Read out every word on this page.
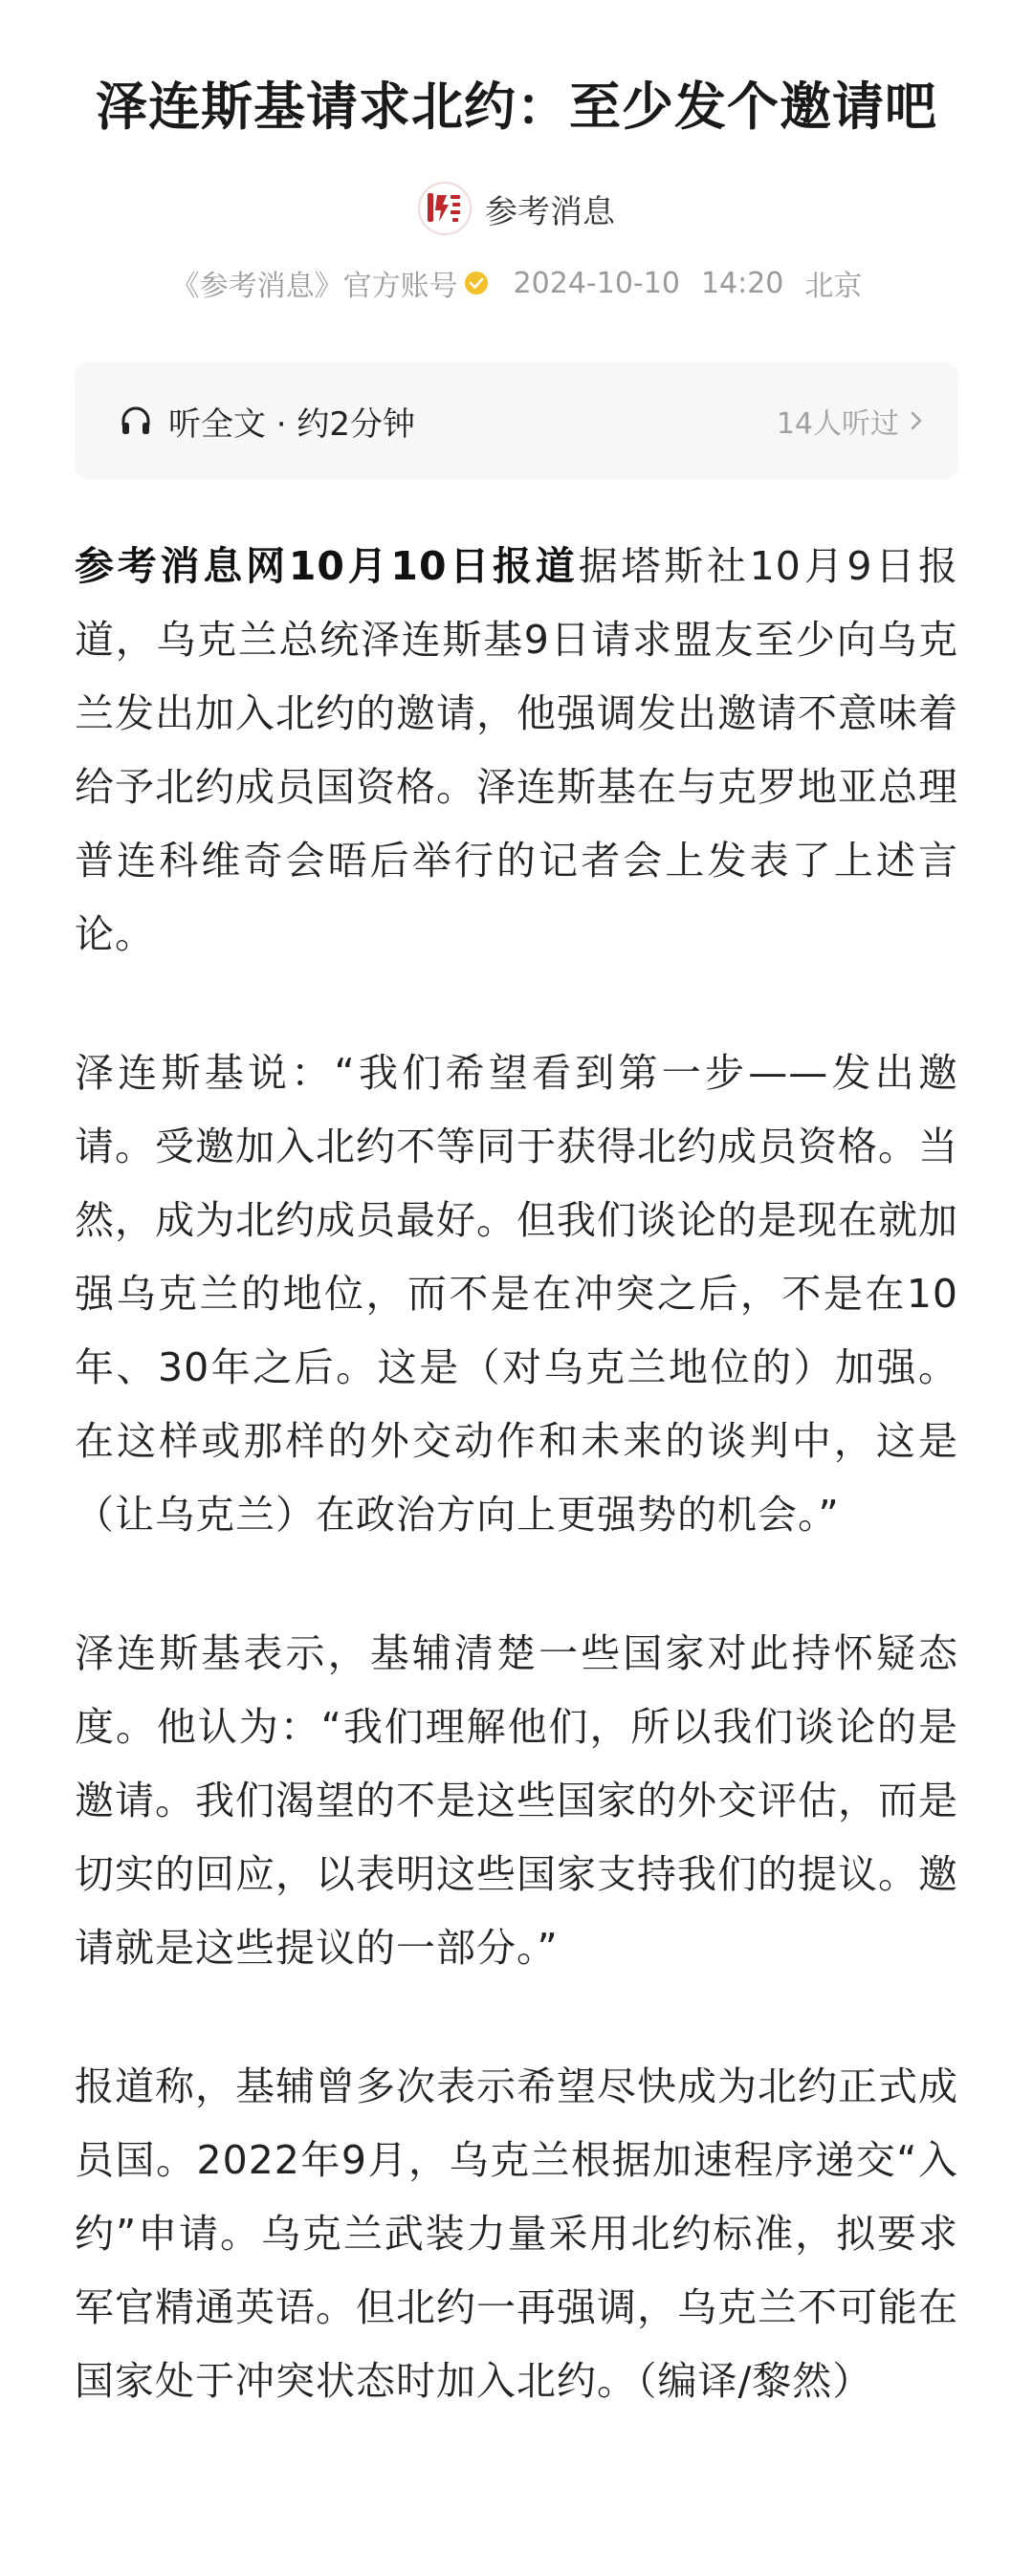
泽连斯基请求北约：至少发个邀请吧
参考消息
《参考消息》官方账号 2024-10-10 14:20 北京
听全文 · 约2分钟	14人听过

参考消息网10月10日报道据塔斯社10月9日报道，乌克兰总统泽连斯基9日请求盟友至少向乌克兰发出加入北约的邀请，他强调发出邀请不意味着给予北约成员国资格。泽连斯基在与克罗地亚总理普连科维奇会晤后举行的记者会上发表了上述言论。

泽连斯基说：“我们希望看到第一步——发出邀请。受邀加入北约不等同于获得北约成员资格。当然，成为北约成员最好。但我们谈论的是现在就加强乌克兰的地位，而不是在冲突之后，不是在10年、30年之后。这是（对乌克兰地位的）加强。在这样或那样的外交动作和未来的谈判中，这是（让乌克兰）在政治方向上更强势的机会。”

泽连斯基表示，基辅清楚一些国家对此持怀疑态度。他认为：“我们理解他们，所以我们谈论的是邀请。我们渴望的不是这些国家的外交评估，而是切实的回应，以表明这些国家支持我们的提议。邀请就是这些提议的一部分。”

报道称，基辅曾多次表示希望尽快成为北约正式成员国。2022年9月，乌克兰根据加速程序递交“入约”申请。乌克兰武装力量采用北约标准，拟要求军官精通英语。但北约一再强调，乌克兰不可能在国家处于冲突状态时加入北约。（编译/黎然）
